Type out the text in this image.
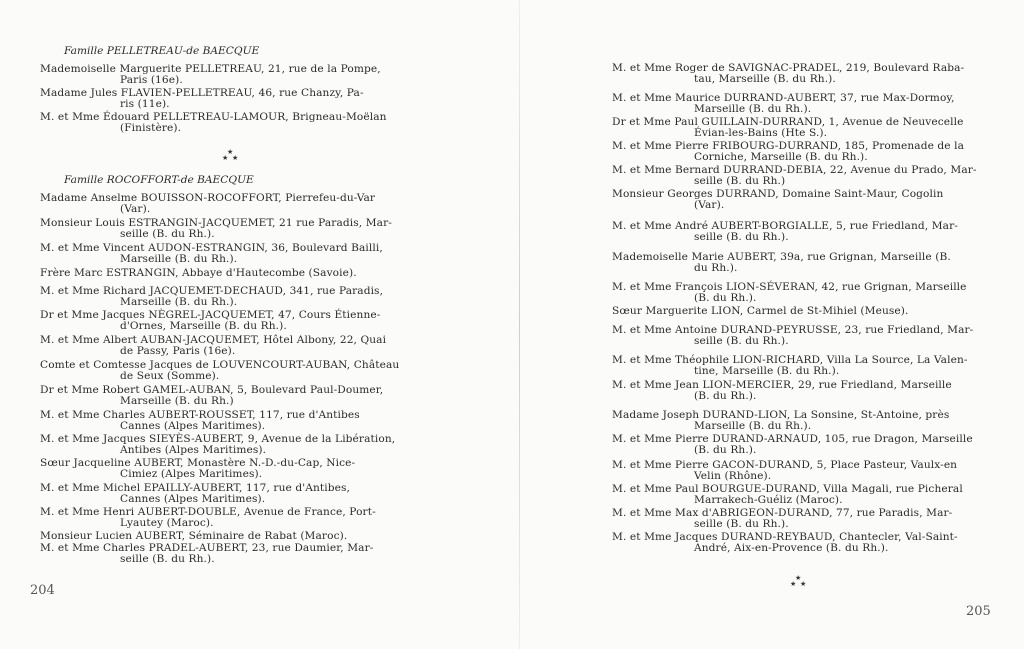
Famille PELLETREAU-de BAECQUE
Mademoiselle Marguerite PELLETREAU, 21, rue de la Pompe,
Paris (16e).
Madame Jules FLAVIEN-PELLETREAU, 46, rue Chanzy, Pa-
ris (11e).
M. et Mme Édouard PELLETREAU-LAMOUR, Brigneau-Moëlan
(Finistère).
★
★ ★
Famille ROCOFFORT-de BAECQUE
Madame Anselme BOUISSON-ROCOFFORT, Pierrefeu-du-Var
(Var).
Monsieur Louis ESTRANGIN-JACQUEMET, 21 rue Paradis, Mar-
seille (B. du Rh.).
M. et Mme Vincent AUDON-ESTRANGIN, 36, Boulevard Bailli,
Marseille (B. du Rh.).
Frère Marc ESTRANGIN, Abbaye d'Hautecombe (Savoie).
M. et Mme Richard JACQUEMET-DECHAUD, 341, rue Paradis,
Marseille (B. du Rh.).
Dr et Mme Jacques NÈGREL-JACQUEMET, 47, Cours Étienne-
d'Ornes, Marseille (B. du Rh.).
M. et Mme Albert AUBAN-JACQUEMET, Hôtel Albony, 22, Quai
de Passy, Paris (16e).
Comte et Comtesse Jacques de LOUVENCOURT-AUBAN, Château
de Seux (Somme).
Dr et Mme Robert GAMEL-AUBAN, 5, Boulevard Paul-Doumer,
Marseille (B. du Rh.)
M. et Mme Charles AUBERT-ROUSSET, 117, rue d'Antibes
Cannes (Alpes Maritimes).
M. et Mme Jacques SIEYÈS-AUBERT, 9, Avenue de la Libération,
Antibes (Alpes Maritimes).
Sœur Jacqueline AUBERT, Monastère N.-D.-du-Cap, Nice-
Cimiez (Alpes Maritimes).
M. et Mme Michel EPAILLY-AUBERT, 117, rue d'Antibes,
Cannes (Alpes Maritimes).
M. et Mme Henri AUBERT-DOUBLE, Avenue de France, Port-
Lyautey (Maroc).
Monsieur Lucien AUBERT, Séminaire de Rabat (Maroc).
M. et Mme Charles PRADEL-AUBERT, 23, rue Daumier, Mar-
seille (B. du Rh.).
204
M. et Mme Roger de SAVIGNAC-PRADEL, 219, Boulevard Raba-
tau, Marseille (B. du Rh.).
M. et Mme Maurice DURRAND-AUBERT, 37, rue Max-Dormoy,
Marseille (B. du Rh.).
Dr et Mme Paul GUILLAIN-DURRAND, 1, Avenue de Neuvecelle
Évian-les-Bains (Hte S.).
M. et Mme Pierre FRIBOURG-DURRAND, 185, Promenade de la
Corniche, Marseille (B. du Rh.).
M. et Mme Bernard DURRAND-DEBIA, 22, Avenue du Prado, Mar-
seille (B. du Rh.)
Monsieur Georges DURRAND, Domaine Saint-Maur, Cogolin
(Var).
M. et Mme André AUBERT-BORGIALLE, 5, rue Friedland, Mar-
seille (B. du Rh.).
Mademoiselle Marie AUBERT, 39a, rue Grignan, Marseille (B.
du Rh.).
M. et Mme François LION-SÉVERAN, 42, rue Grignan, Marseille
(B. du Rh.).
Sœur Marguerite LION, Carmel de St-Mihiel (Meuse).
M. et Mme Antoine DURAND-PEYRUSSE, 23, rue Friedland, Mar-
seille (B. du Rh.).
M. et Mme Théophile LION-RICHARD, Villa La Source, La Valen-
tine, Marseille (B. du Rh.).
M. et Mme Jean LION-MERCIER, 29, rue Friedland, Marseille
(B. du Rh.).
Madame Joseph DURAND-LION, La Sonsine, St-Antoine, près
Marseille (B. du Rh.).
M. et Mme Pierre DURAND-ARNAUD, 105, rue Dragon, Marseille
(B. du Rh.).
M. et Mme Pierre GACON-DURAND, 5, Place Pasteur, Vaulx-en
Velin (Rhône).
M. et Mme Paul BOURGUE-DURAND, Villa Magali, rue Picheral
Marrakech-Guéliz (Maroc).
M. et Mme Max d'ABRIGEON-DURAND, 77, rue Paradis, Mar-
seille (B. du Rh.).
M. et Mme Jacques DURAND-REYBAUD, Chantecler, Val-Saint-
André, Aix-en-Provence (B. du Rh.).
★
★ ★
205
